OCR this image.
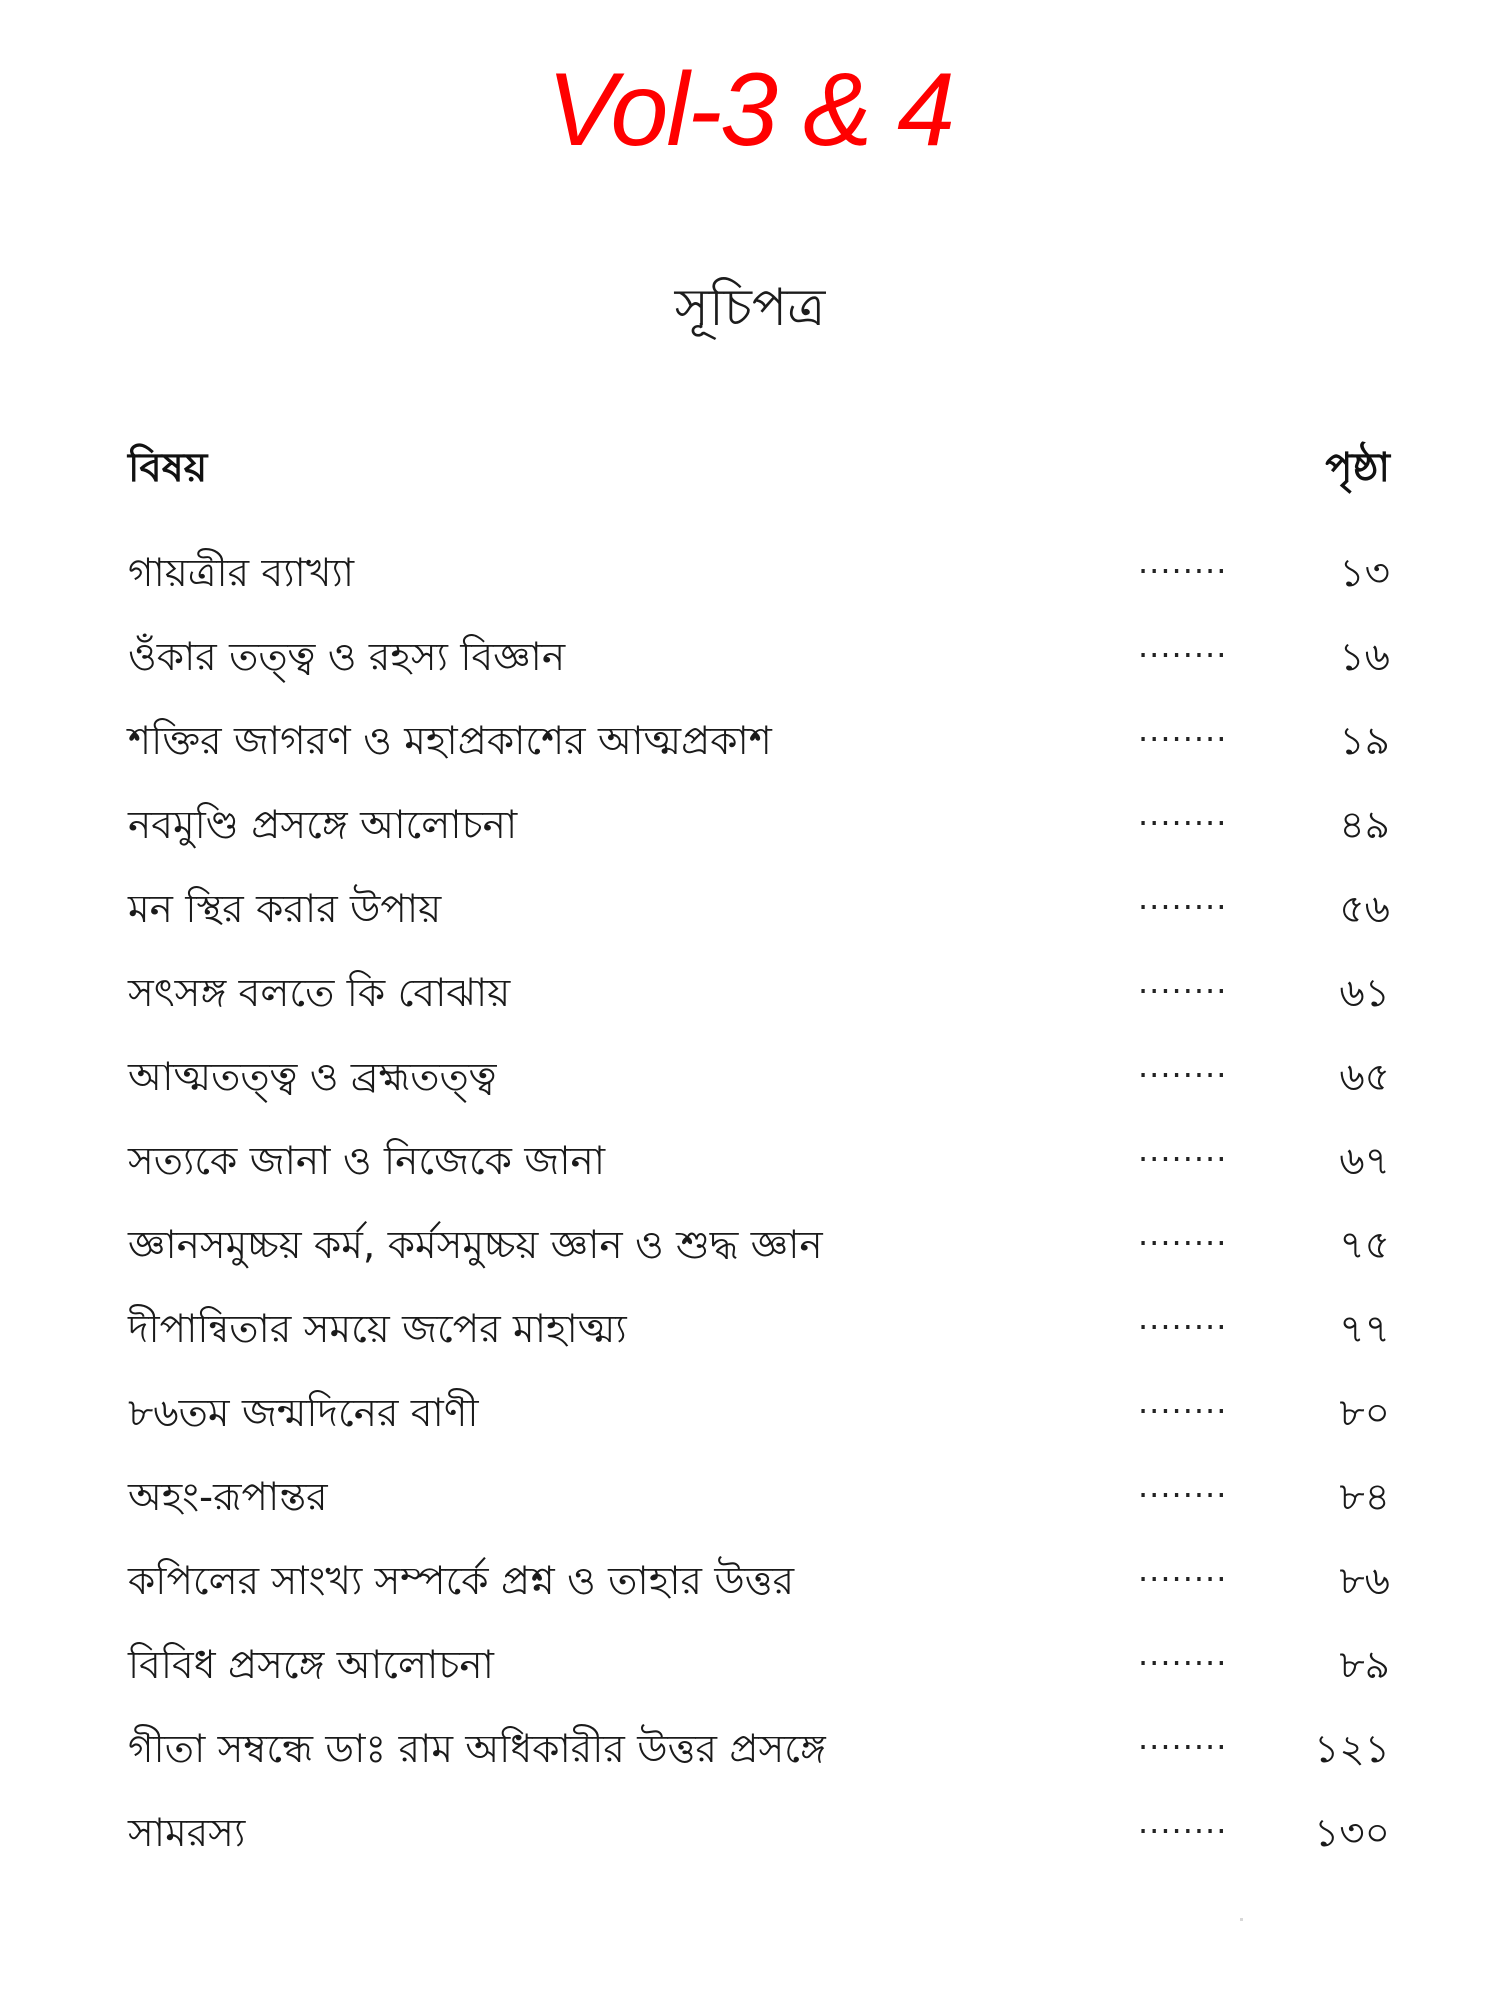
Vol-3 & 4
সূচিপত্র
বিষয়	পৃষ্ঠা
গায়ত্রীর ব্যাখ্যা	........	১৩
ওঁকার তত্ত্ব ও রহস্য বিজ্ঞান	........	১৬
শক্তির জাগরণ ও মহাপ্রকাশের আত্মপ্রকাশ	........	১৯
নবমুণ্ডি প্রসঙ্গে আলোচনা	........	৪৯
মন স্থির করার উপায়	........	৫৬
সৎসঙ্গ বলতে কি বোঝায়	........	৬১
আত্মতত্ত্ব ও ব্রহ্মতত্ত্ব	........	৬৫
সত্যকে জানা ও নিজেকে জানা	........	৬৭
জ্ঞানসমুচ্চয় কর্ম, কর্মসমুচ্চয় জ্ঞান ও শুদ্ধ জ্ঞান	........	৭৫
দীপান্বিতার সময়ে জপের মাহাত্ম্য	........	৭৭
৮৬তম জন্মদিনের বাণী	........	৮০
অহং-রূপান্তর	........	৮৪
কপিলের সাংখ্য সম্পর্কে প্রশ্ন ও তাহার উত্তর	........	৮৬
বিবিধ প্রসঙ্গে আলোচনা	........	৮৯
গীতা সম্বন্ধে ডাঃ রাম অধিকারীর উত্তর প্রসঙ্গে	........ ১২১
সামরস্য	........ ১৩০
